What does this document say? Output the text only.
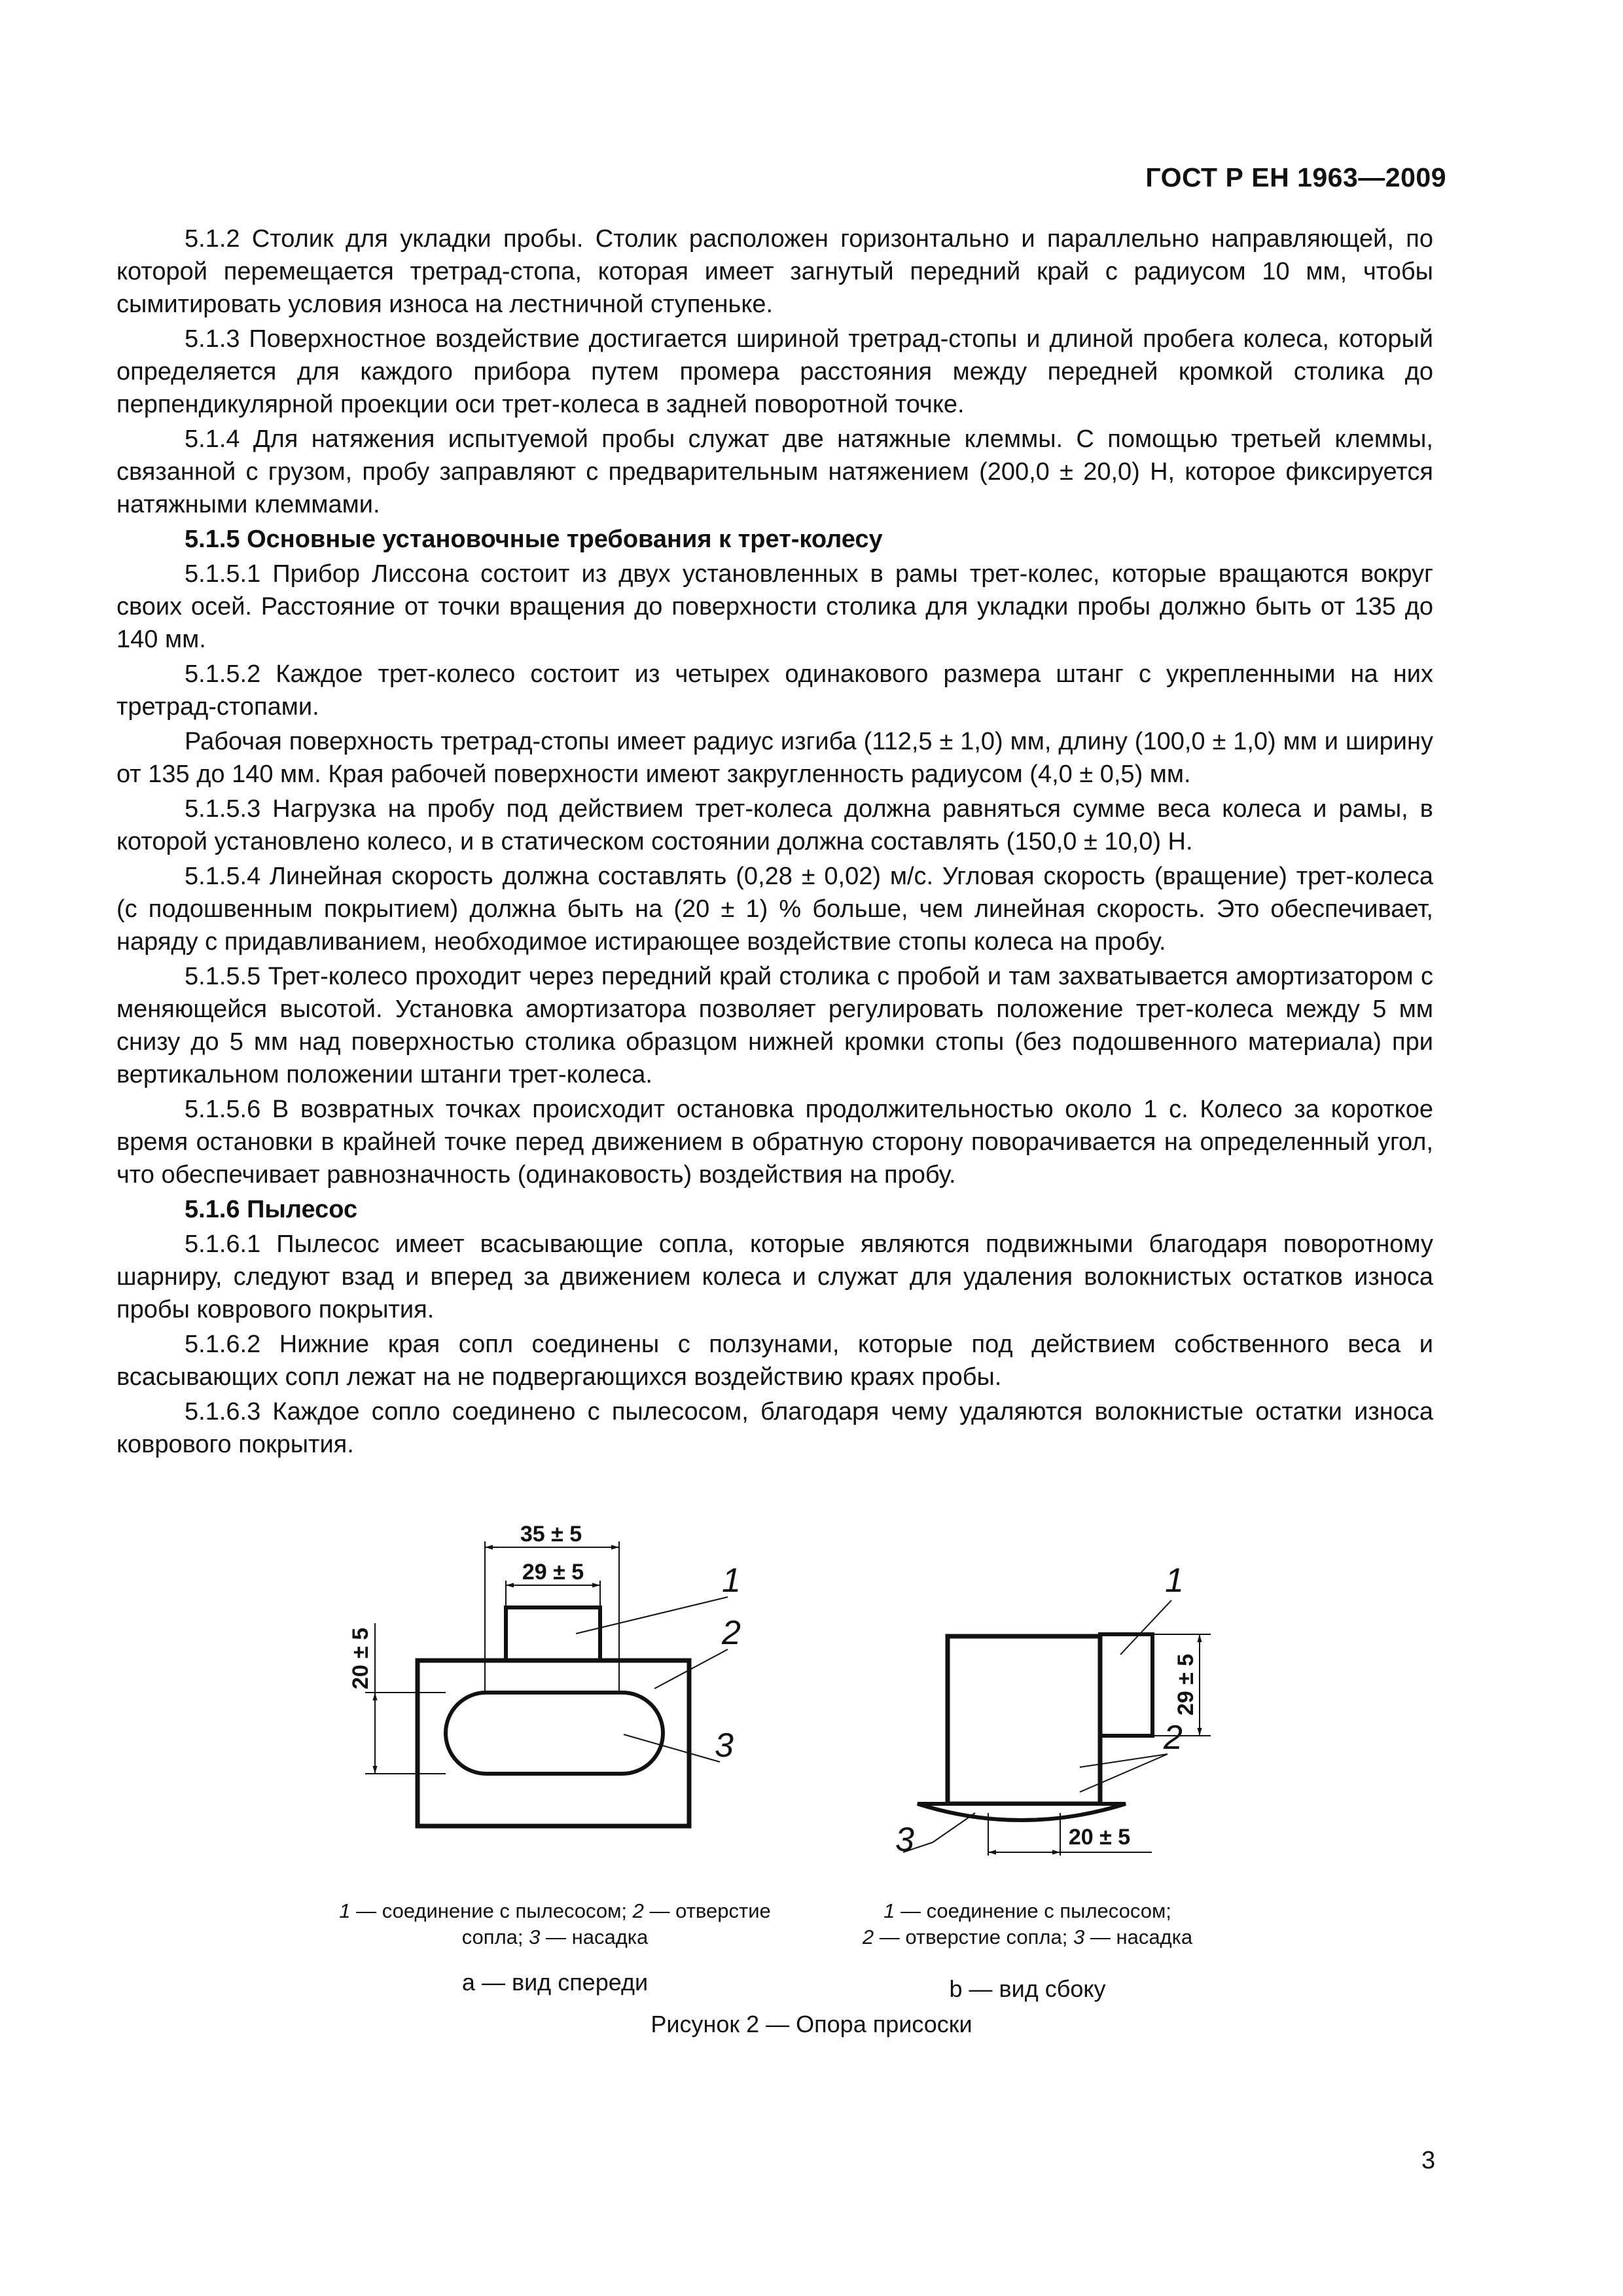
ГОСТ Р ЕН 1963—2009

5.1.2 Столик для укладки пробы. Столик расположен горизонтально и параллельно направляющей, по которой перемещается третрад-стопа, которая имеет загнутый передний край с радиусом 10 мм, чтобы сымитировать условия износа на лестничной ступеньке.

5.1.3 Поверхностное воздействие достигается шириной третрад-стопы и длиной пробега колеса, который определяется для каждого прибора путем промера расстояния между передней кромкой столика до перпендикулярной проекции оси трет-колеса в задней поворотной точке.

5.1.4 Для натяжения испытуемой пробы служат две натяжные клеммы. С помощью третьей клеммы, связанной с грузом, пробу заправляют с предварительным натяжением (200,0 ± 20,0) Н, которое фиксируется натяжными клеммами.

5.1.5 Основные установочные требования к трет-колесу

5.1.5.1 Прибор Лиссона состоит из двух установленных в рамы трет-колес, которые вращаются вокруг своих осей. Расстояние от точки вращения до поверхности столика для укладки пробы должно быть от 135 до 140 мм.

5.1.5.2 Каждое трет-колесо состоит из четырех одинакового размера штанг с укрепленными на них третрад-стопами.

Рабочая поверхность третрад-стопы имеет радиус изгиба (112,5 ± 1,0) мм, длину (100,0 ± 1,0) мм и ширину от 135 до 140 мм. Края рабочей поверхности имеют закругленность радиусом (4,0 ± 0,5) мм.

5.1.5.3 Нагрузка на пробу под действием трет-колеса должна равняться сумме веса колеса и рамы, в которой установлено колесо, и в статическом состоянии должна составлять (150,0 ± 10,0) Н.

5.1.5.4 Линейная скорость должна составлять (0,28 ± 0,02) м/с. Угловая скорость (вращение) трет-колеса (с подошвенным покрытием) должна быть на (20 ± 1) % больше, чем линейная скорость. Это обеспечивает, наряду с придавливанием, необходимое истирающее воздействие стопы колеса на пробу.

5.1.5.5 Трет-колесо проходит через передний край столика с пробой и там захватывается амортизатором с меняющейся высотой. Установка амортизатора позволяет регулировать положение трет-колеса между 5 мм снизу до 5 мм над поверхностью столика образцом нижней кромки стопы (без подошвенного материала) при вертикальном положении штанги трет-колеса.

5.1.5.6 В возвратных точках происходит остановка продолжительностью около 1 с. Колесо за короткое время остановки в крайней точке перед движением в обратную сторону поворачивается на определенный угол, что обеспечивает равнозначность (одинаковость) воздействия на пробу.

5.1.6 Пылесос

5.1.6.1 Пылесос имеет всасывающие сопла, которые являются подвижными благодаря поворотному шарниру, следуют взад и вперед за движением колеса и служат для удаления волокнистых остатков износа пробы коврового покрытия.

5.1.6.2 Нижние края сопл соединены с ползунами, которые под действием собственного веса и всасывающих сопл лежат на не подвергающихся воздействию краях пробы.

5.1.6.3 Каждое сопло соединено с пылесосом, благодаря чему удаляются волокнистые остатки износа коврового покрытия.

35 ± 5
29 ± 5
20 ± 5
1
2
3
29 ± 5
20 ± 5
1
2
3
1 — соединение с пылесосом; 2 — отверстие сопла; 3 — насадка
1 — соединение с пылесосом;
2 — отверстие сопла; 3 — насадка
а — вид спереди	b — вид сбоку
Рисунок 2 — Опора присоски
3
